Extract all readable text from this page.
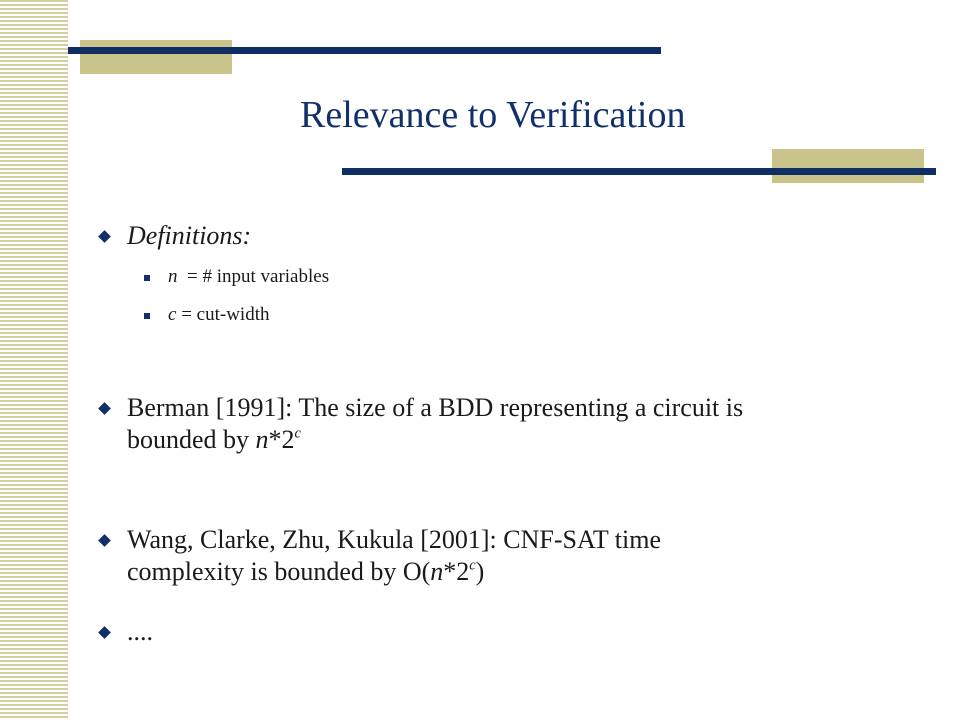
Relevance to Verification
Definitions:
n = # input variables
c = cut-width
Berman [1991]: The size of a BDD representing a circuit is
bounded by n*2$^c$
Wang, Clarke, Zhu, Kukula [2001]: CNF-SAT time
complexity is bounded by O(n*2$^c$)
....
